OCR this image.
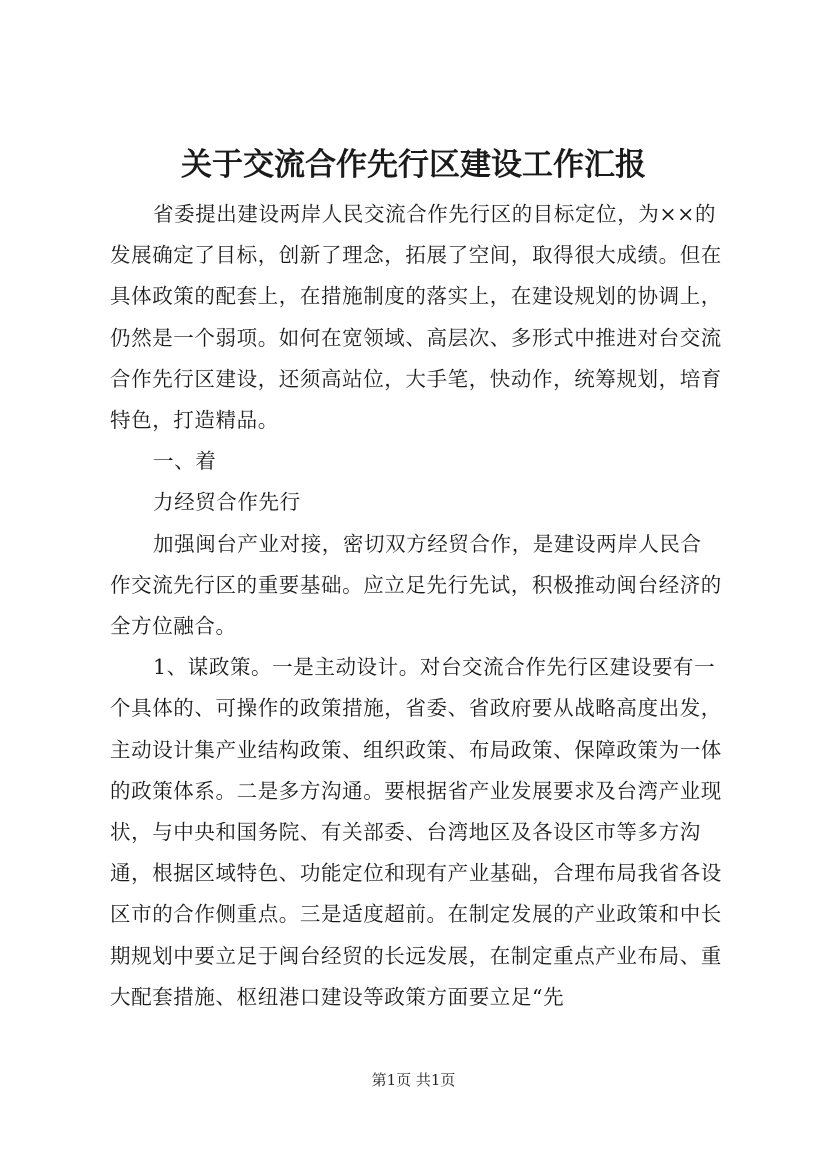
关于交流合作先行区建设工作汇报

省委提出建设两岸人民交流合作先行区的目标定位，为××的发展确定了目标，创新了理念，拓展了空间，取得很大成绩。但在具体政策的配套上，在措施制度的落实上，在建设规划的协调上，仍然是一个弱项。如何在宽领域、高层次、多形式中推进对台交流合作先行区建设，还须高站位，大手笔，快动作，统筹规划，培育特色，打造精品。

一、着

力经贸合作先行

加强闽台产业对接，密切双方经贸合作，是建设两岸人民合作交流先行区的重要基础。应立足先行先试，积极推动闽台经济的全方位融合。

1、谋政策。一是主动设计。对台交流合作先行区建设要有一个具体的、可操作的政策措施，省委、省政府要从战略高度出发，主动设计集产业结构政策、组织政策、布局政策、保障政策为一体的政策体系。二是多方沟通。要根据省产业发展要求及台湾产业现状，与中央和国务院、有关部委、台湾地区及各设区市等多方沟通，根据区域特色、功能定位和现有产业基础，合理布局我省各设区市的合作侧重点。三是适度超前。在制定发展的产业政策和中长期规划中要立足于闽台经贸的长远发展，在制定重点产业布局、重大配套措施、枢纽港口建设等政策方面要立足“先

第1页 共1页
